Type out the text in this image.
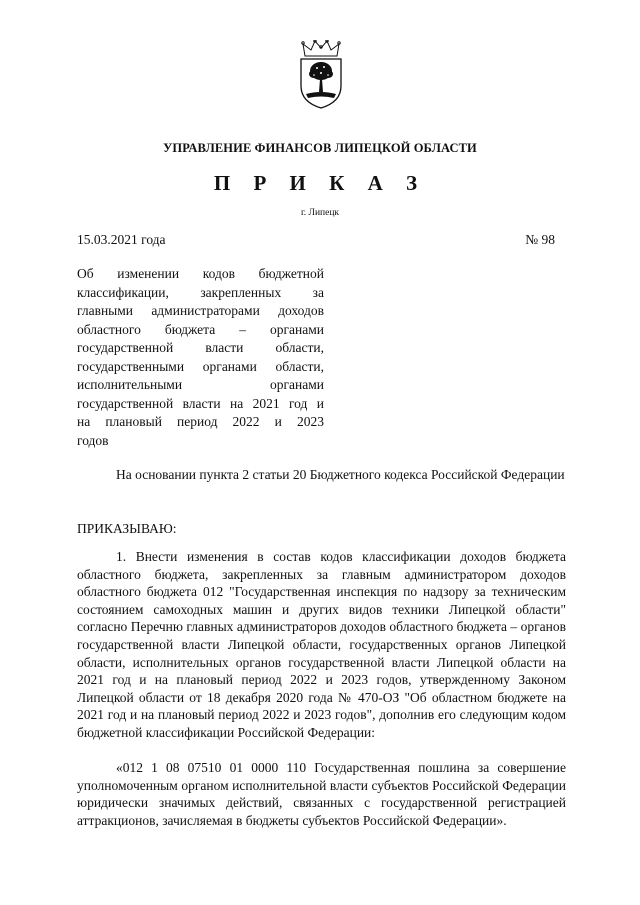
УПРАВЛЕНИЕ ФИНАНСОВ ЛИПЕЦКОЙ ОБЛАСТИ
П Р И К А З
г. Липецк
15.03.2021 года	№ 98
Об изменении кодов бюджетной
классификации, закрепленных за
главными администраторами доходов
областного бюджета – органами
государственной власти области,
государственными органами области,
исполнительными органами
государственной власти на 2021 год и
на плановый период 2022 и 2023
годов
На основании пункта 2 статьи 20 Бюджетного кодекса Российской Федерации
ПРИКАЗЫВАЮ:
1. Внести изменения в состав кодов классификации доходов бюджета областного бюджета, закрепленных за главным администратором доходов областного бюджета 012 "Государственная инспекция по надзору за техническим состоянием самоходных машин и других видов техники Липецкой области" согласно Перечню главных администраторов доходов областного бюджета – органов государственной власти Липецкой области, государственных органов Липецкой области, исполнительных органов государственной власти Липецкой области на 2021 год и на плановый период 2022 и 2023 годов, утвержденному Законом Липецкой области от 18 декабря 2020 года № 470-ОЗ "Об областном бюджете на 2021 год и на плановый период 2022 и 2023 годов", дополнив его следующим кодом бюджетной классификации Российской Федерации:
«012 1 08 07510 01 0000 110 Государственная пошлина за совершение уполномоченным органом исполнительной власти субъектов Российской Федерации юридически значимых действий, связанных с государственной регистрацией аттракционов, зачисляемая в бюджеты субъектов Российской Федерации».
